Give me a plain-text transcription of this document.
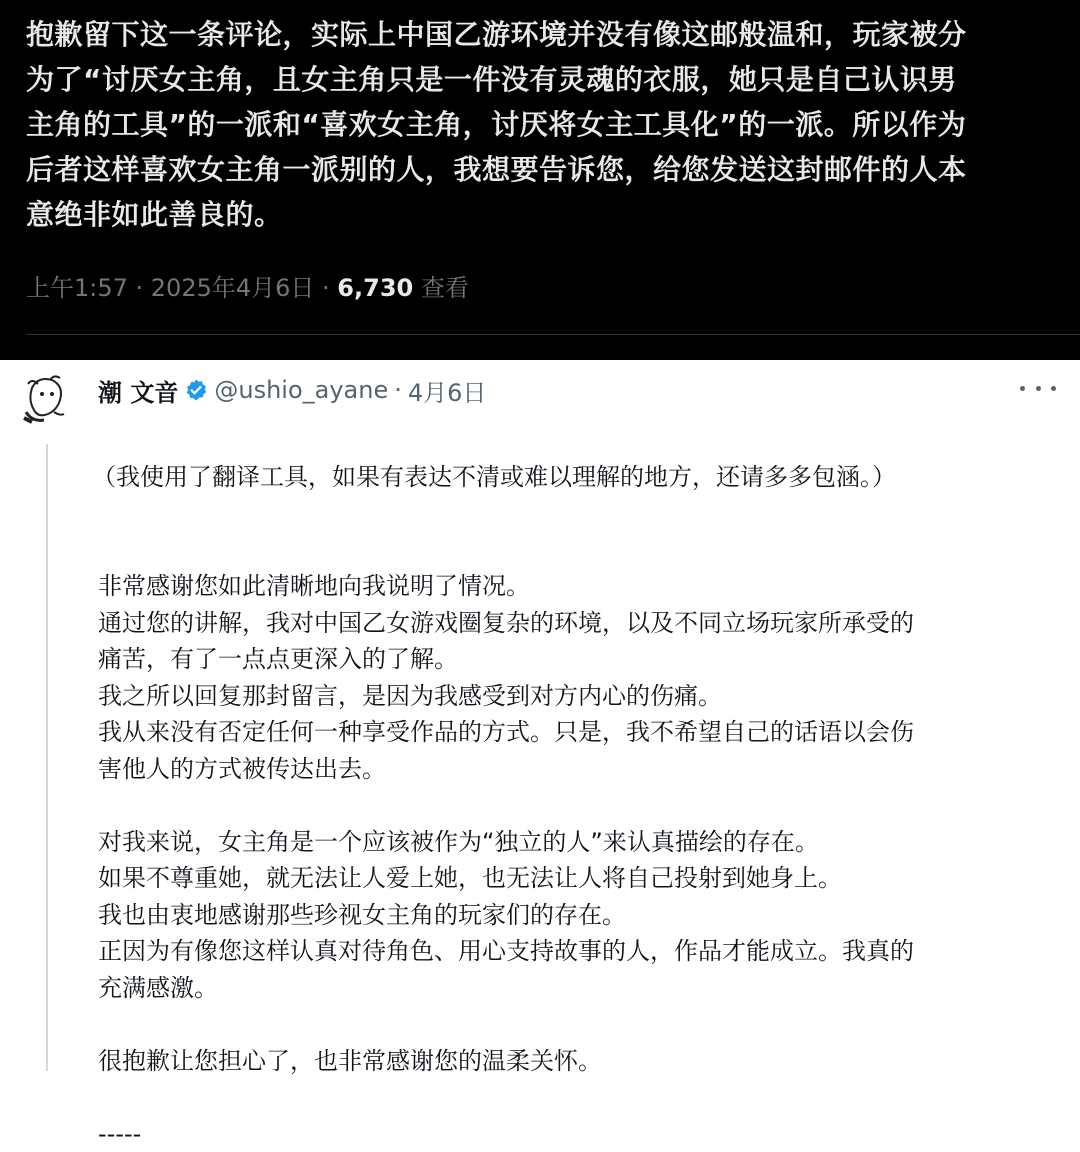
抱歉留下这一条评论，实际上中国乙游环境并没有像这邮般温和，玩家被分
为了“讨厌女主角，且女主角只是一件没有灵魂的衣服，她只是自己认识男
主角的工具”的一派和“喜欢女主角，讨厌将女主工具化”的一派。所以作为
后者这样喜欢女主角一派别的人，我想要告诉您，给您发送这封邮件的人本
意绝非如此善良的。
上午1:57 · 2025年4月6日 · 6,730 查看
潮 文音 @ushio_ayane · 4月6日

（我使用了翻译工具，如果有表达不清或难以理解的地方，还请多多包涵。）

非常感谢您如此清晰地向我说明了情况。
通过您的讲解，我对中国乙女游戏圈复杂的环境，以及不同立场玩家所承受的
痛苦，有了一点点更深入的了解。
我之所以回复那封留言，是因为我感受到对方内心的伤痛。
我从来没有否定任何一种享受作品的方式。只是，我不希望自己的话语以会伤
害他人的方式被传达出去。

对我来说，女主角是一个应该被作为“独立的人”来认真描绘的存在。
如果不尊重她，就无法让人爱上她，也无法让人将自己投射到她身上。
我也由衷地感谢那些珍视女主角的玩家们的存在。
正因为有像您这样认真对待角色、用心支持故事的人，作品才能成立。我真的
充满感激。

很抱歉让您担心了，也非常感谢您的温柔关怀。

-----
